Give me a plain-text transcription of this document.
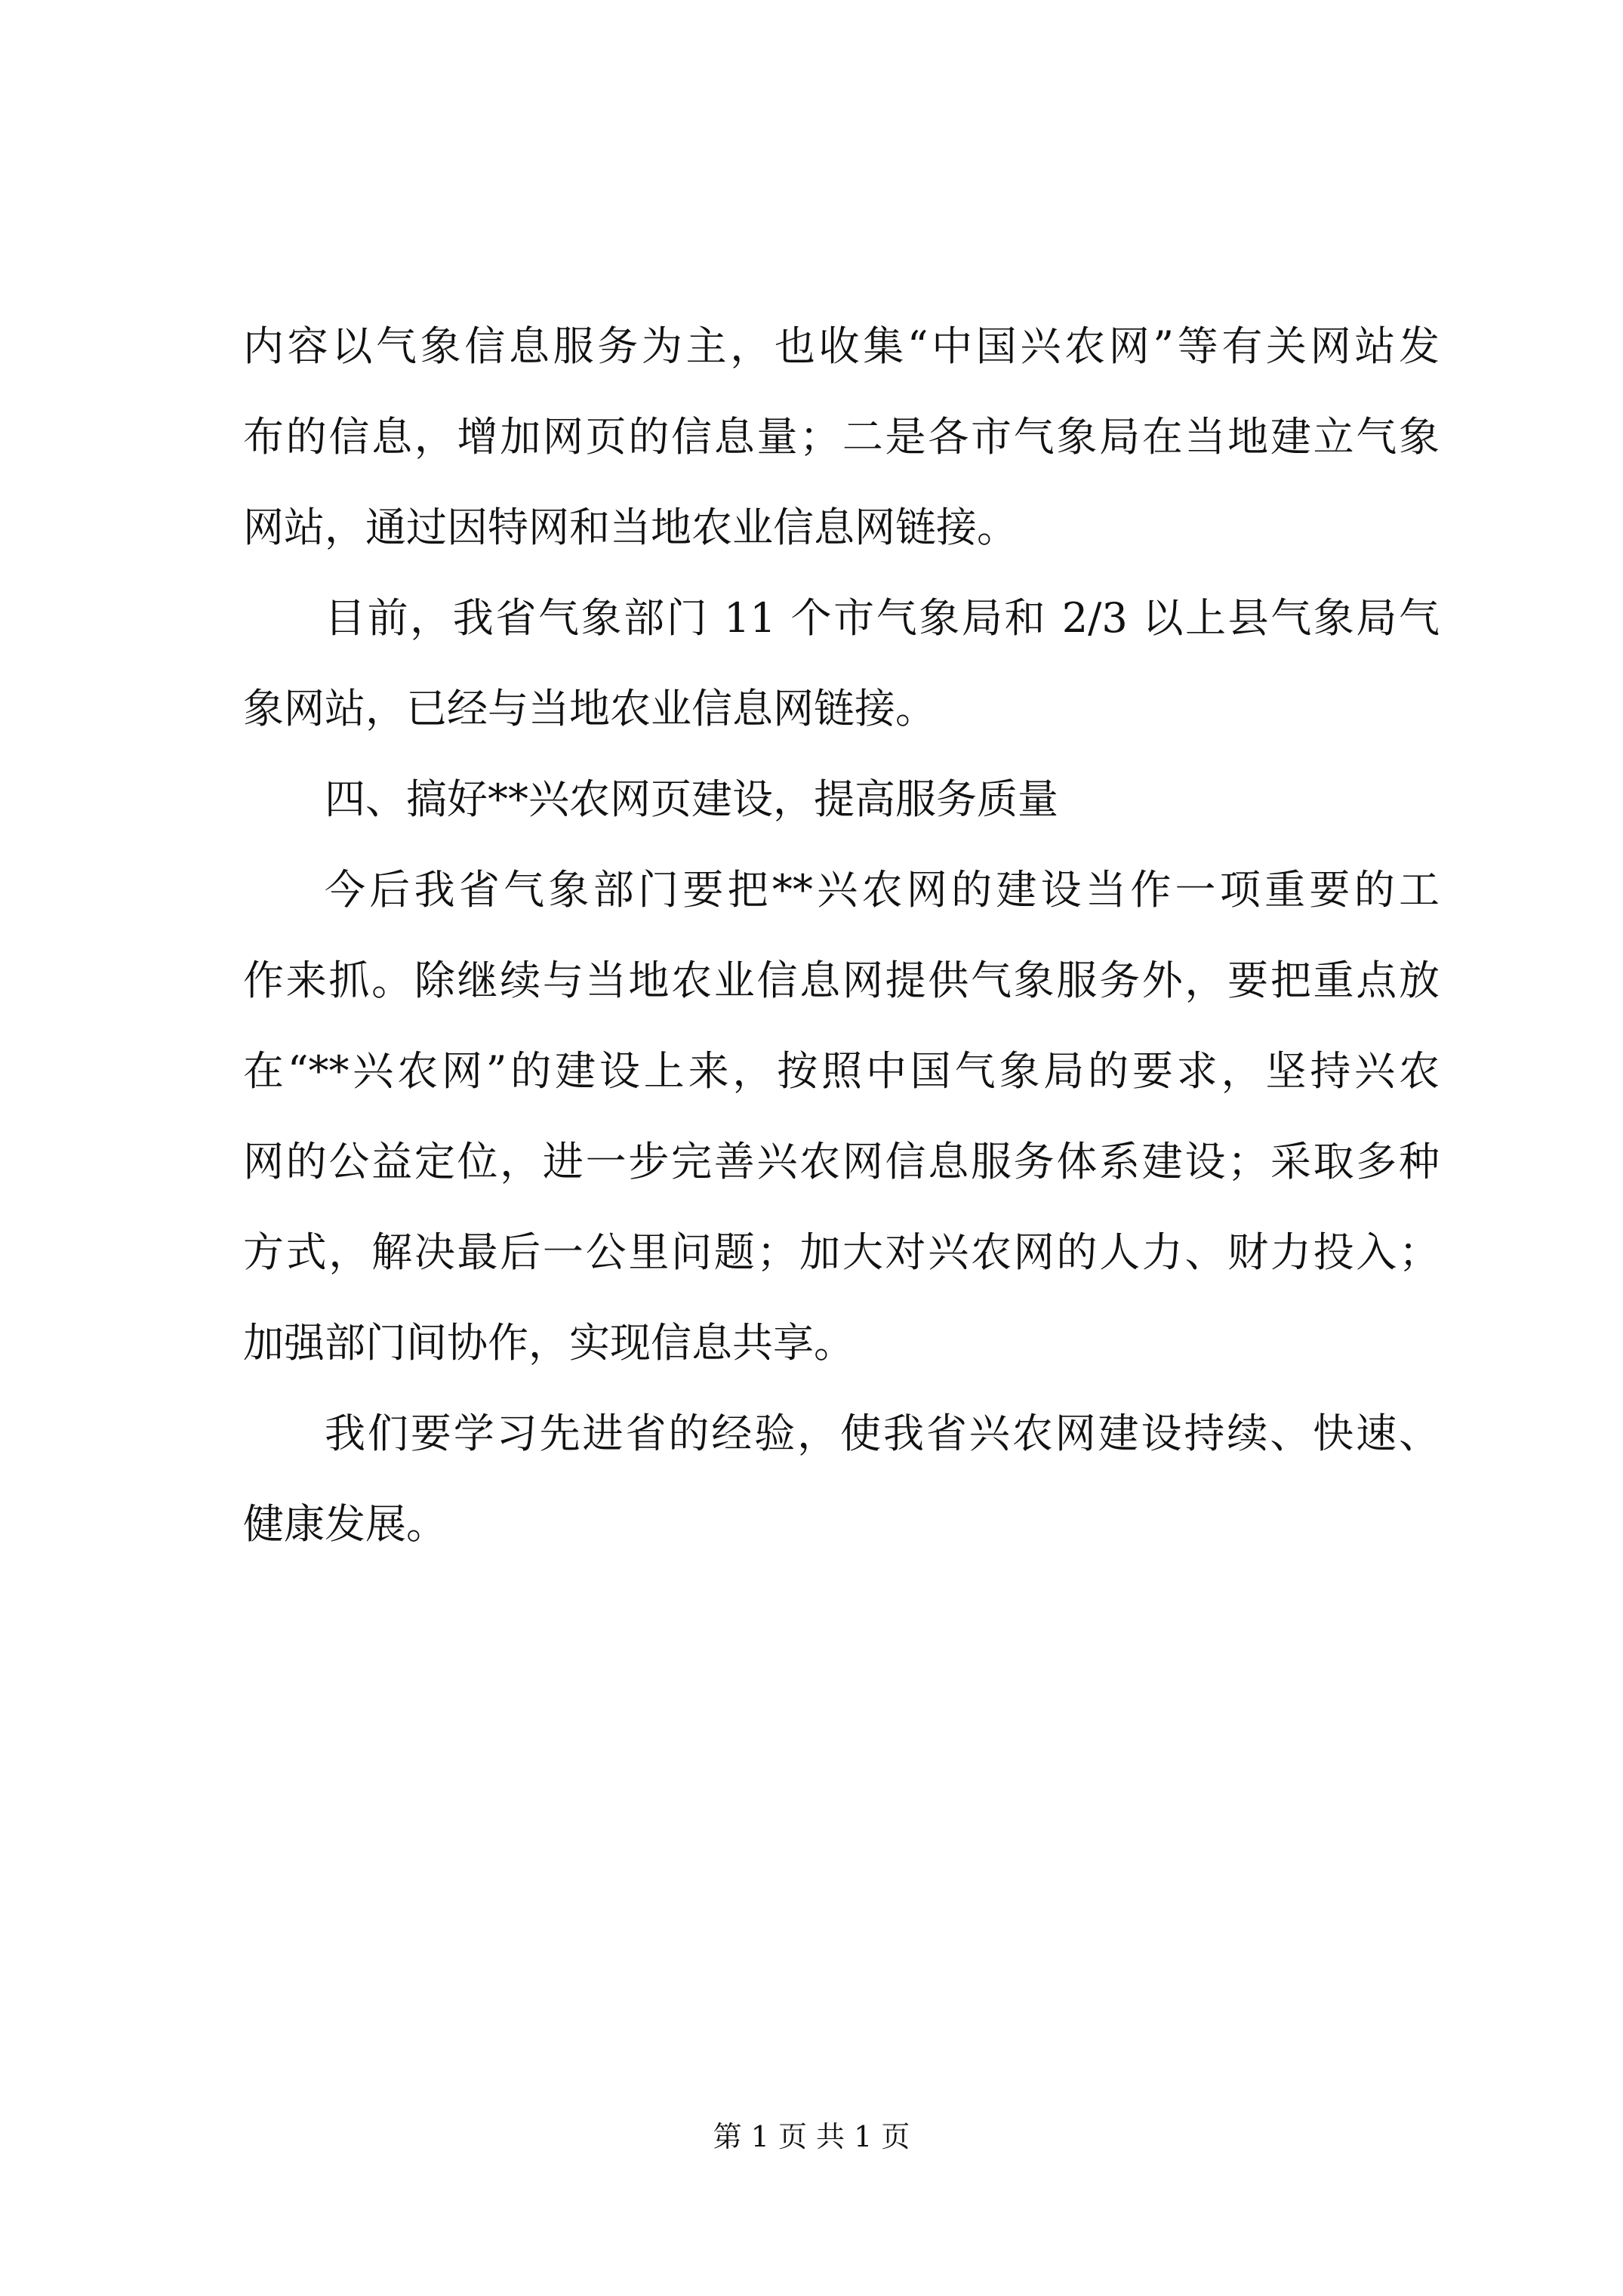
内容以气象信息服务为主，也收集“中国兴农网”等有关网站发
布的信息，增加网页的信息量；二是各市气象局在当地建立气象
网站，通过因特网和当地农业信息网链接。
目前，我省气象部门 11 个市气象局和 2/3 以上县气象局气
象网站，已经与当地农业信息网链接。
四、搞好**兴农网页建设，提高服务质量
今后我省气象部门要把**兴农网的建设当作一项重要的工
作来抓。除继续与当地农业信息网提供气象服务外，要把重点放
在“**兴农网”的建设上来，按照中国气象局的要求，坚持兴农
网的公益定位，进一步完善兴农网信息服务体系建设；采取多种
方式，解决最后一公里问题；加大对兴农网的人力、财力投入；
加强部门间协作，实现信息共享。
我们要学习先进省的经验，使我省兴农网建设持续、快速、
健康发展。
第 1 页 共 1 页
